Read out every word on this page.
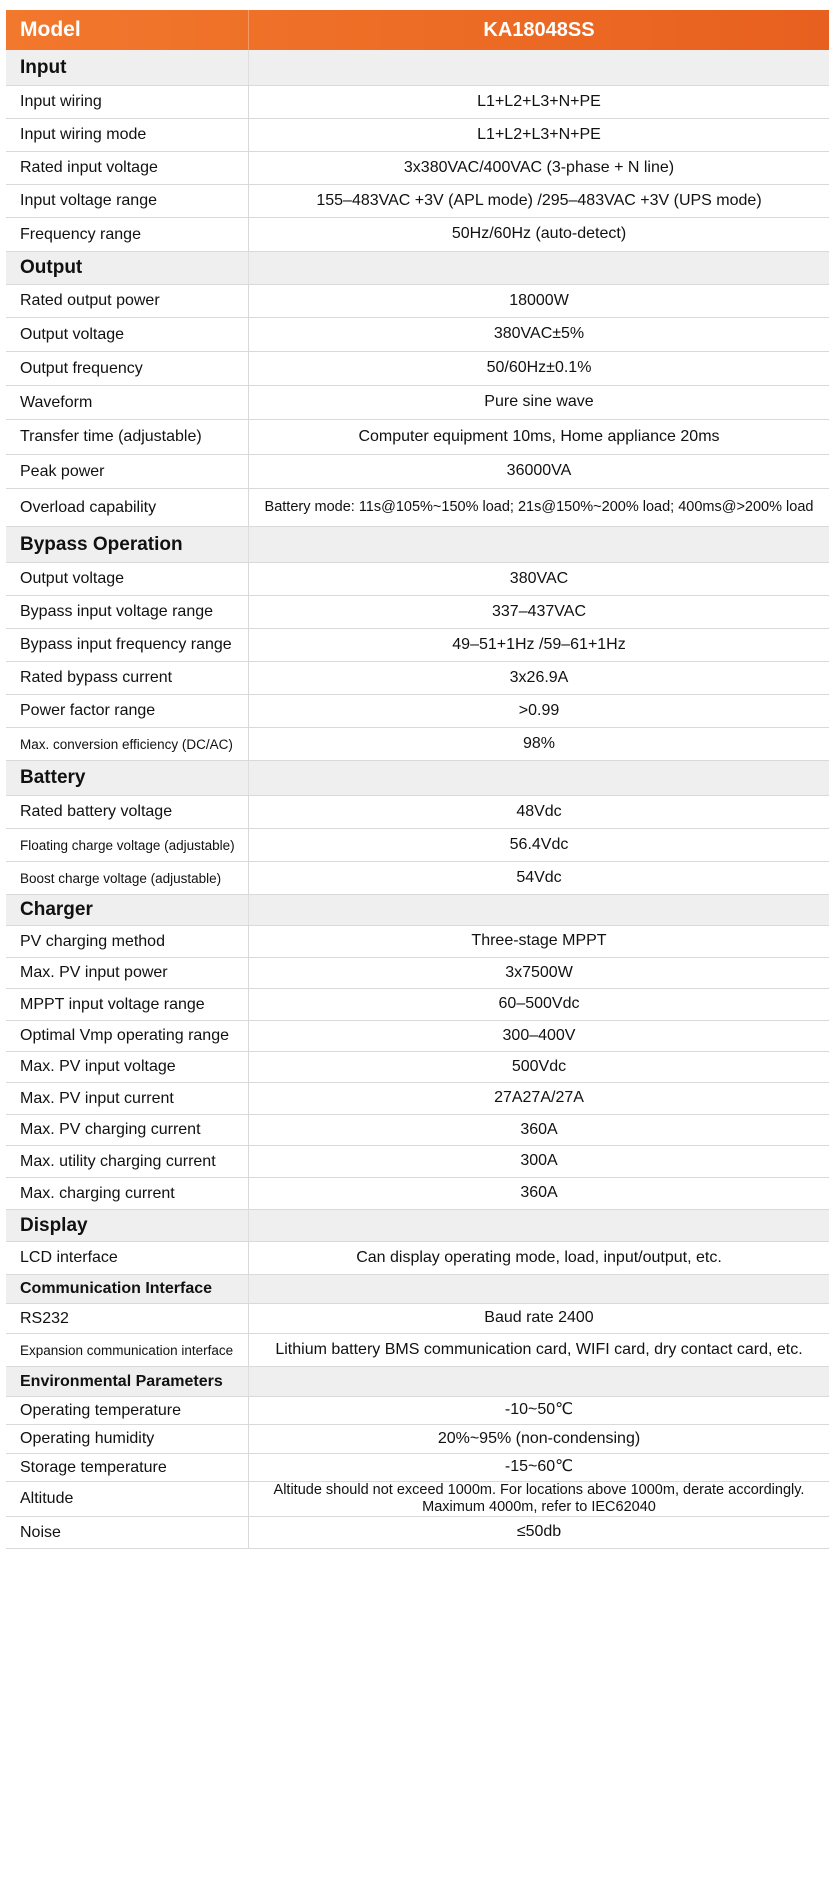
Model	KA18048SS
Input
Input wiring	L1+L2+L3+N+PE
Input wiring mode	L1+L2+L3+N+PE
Rated input voltage	3x380VAC/400VAC (3-phase + N line)
Input voltage range	155–483VAC +3V (APL mode) /295–483VAC +3V (UPS mode)
Frequency range	50Hz/60Hz (auto-detect)
Output
Rated output power	18000W
Output voltage	380VAC±5%
Output frequency	50/60Hz±0.1%
Waveform	Pure sine wave
Transfer time (adjustable)	Computer equipment 10ms, Home appliance 20ms
Peak power	36000VA
Overload capability	Battery mode: 11s@105%~150% load; 21s@150%~200% load; 400ms@>200% load
Bypass Operation
Output voltage	380VAC
Bypass input voltage range	337–437VAC
Bypass input frequency range	49–51+1Hz /59–61+1Hz
Rated bypass current	3x26.9A
Power factor range	>0.99
Max. conversion efficiency (DC/AC)	98%
Battery
Rated battery voltage	48Vdc
Floating charge voltage (adjustable)	56.4Vdc
Boost charge voltage (adjustable)	54Vdc
Charger
PV charging method	Three-stage MPPT
Max. PV input power	3x7500W
MPPT input voltage range	60–500Vdc
Optimal Vmp operating range	300–400V
Max. PV input voltage	500Vdc
Max. PV input current	27A27A/27A
Max. PV charging current	360A
Max. utility charging current	300A
Max. charging current	360A
Display
LCD interface	Can display operating mode, load, input/output, etc.
Communication Interface
RS232	Baud rate 2400
Expansion communication interface	Lithium battery BMS communication card, WIFI card, dry contact card, etc.
Environmental Parameters
Operating temperature	-10~50℃
Operating humidity	20%~95% (non-condensing)
Storage temperature	-15~60℃
Altitude	Altitude should not exceed 1000m. For locations above 1000m, derate accordingly. Maximum 4000m, refer to IEC62040
Noise	≤50db
